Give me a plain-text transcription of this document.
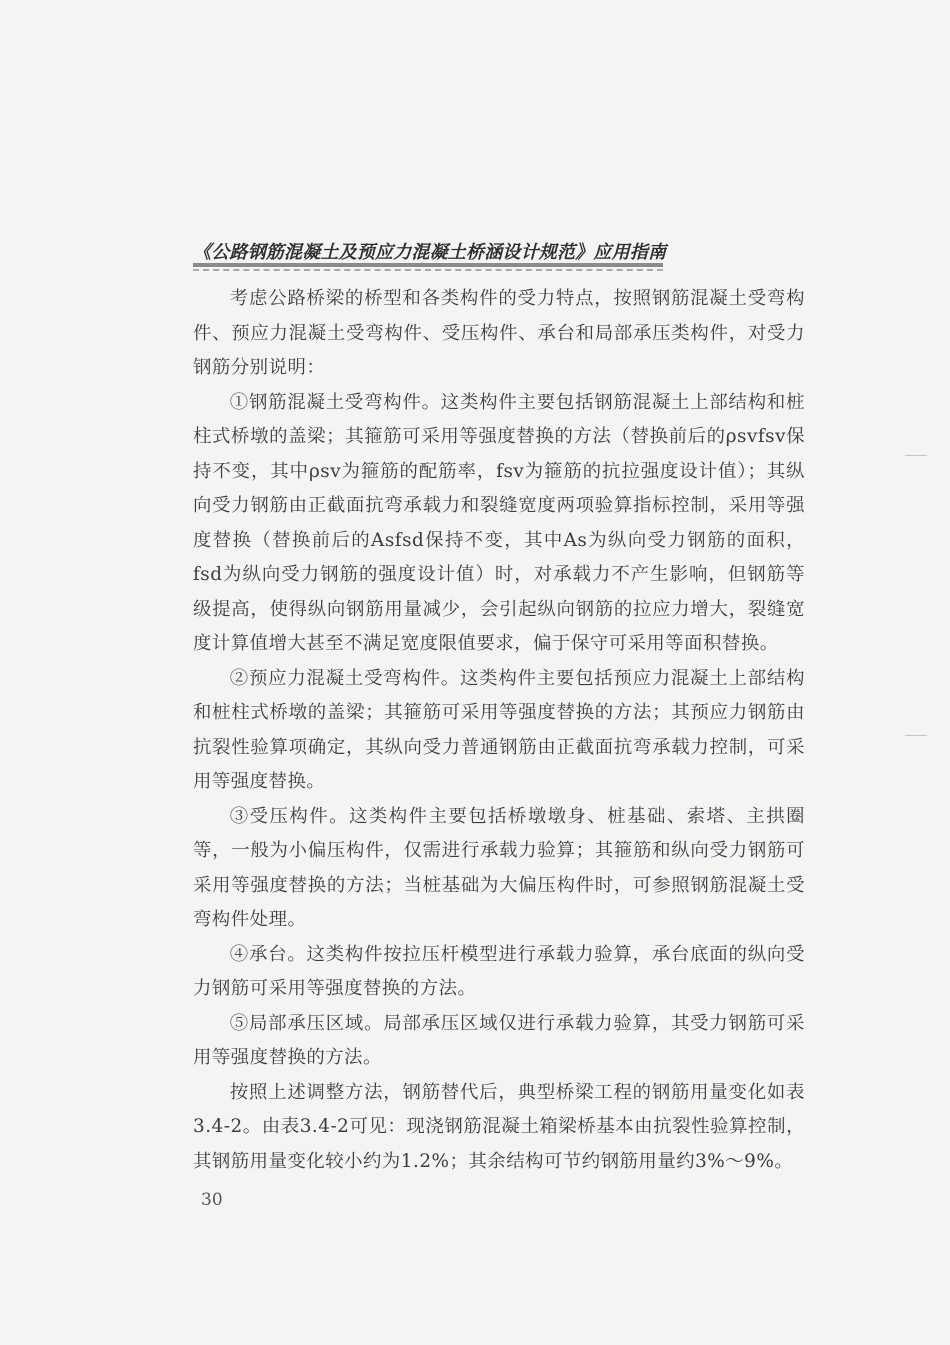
《公路钢筋混凝土及预应力混凝土桥涵设计规范》应用指南

考虑公路桥梁的桥型和各类构件的受力特点，按照钢筋混凝土受弯构件、预应力混凝土受弯构件、受压构件、承台和局部承压类构件，对受力钢筋分别说明：

①钢筋混凝土受弯构件。这类构件主要包括钢筋混凝土上部结构和桩柱式桥墩的盖梁；其箍筋可采用等强度替换的方法（替换前后的ρsvfsv保持不变，其中ρsv为箍筋的配筋率，fsv为箍筋的抗拉强度设计值）；其纵向受力钢筋由正截面抗弯承载力和裂缝宽度两项验算指标控制，采用等强度替换（替换前后的Asfsd保持不变，其中As为纵向受力钢筋的面积，fsd为纵向受力钢筋的强度设计值）时，对承载力不产生影响，但钢筋等级提高，使得纵向钢筋用量减少，会引起纵向钢筋的拉应力增大，裂缝宽度计算值增大甚至不满足宽度限值要求，偏于保守可采用等面积替换。

②预应力混凝土受弯构件。这类构件主要包括预应力混凝土上部结构和桩柱式桥墩的盖梁；其箍筋可采用等强度替换的方法；其预应力钢筋由抗裂性验算项确定，其纵向受力普通钢筋由正截面抗弯承载力控制，可采用等强度替换。

③受压构件。这类构件主要包括桥墩墩身、桩基础、索塔、主拱圈等，一般为小偏压构件，仅需进行承载力验算；其箍筋和纵向受力钢筋可采用等强度替换的方法；当桩基础为大偏压构件时，可参照钢筋混凝土受弯构件处理。

④承台。这类构件按拉压杆模型进行承载力验算，承台底面的纵向受力钢筋可采用等强度替换的方法。

⑤局部承压区域。局部承压区域仅进行承载力验算，其受力钢筋可采用等强度替换的方法。

按照上述调整方法，钢筋替代后，典型桥梁工程的钢筋用量变化如表3.4-2。由表3.4-2可见：现浇钢筋混凝土箱梁桥基本由抗裂性验算控制，其钢筋用量变化较小约为1.2%；其余结构可节约钢筋用量约3%～9%。

30
